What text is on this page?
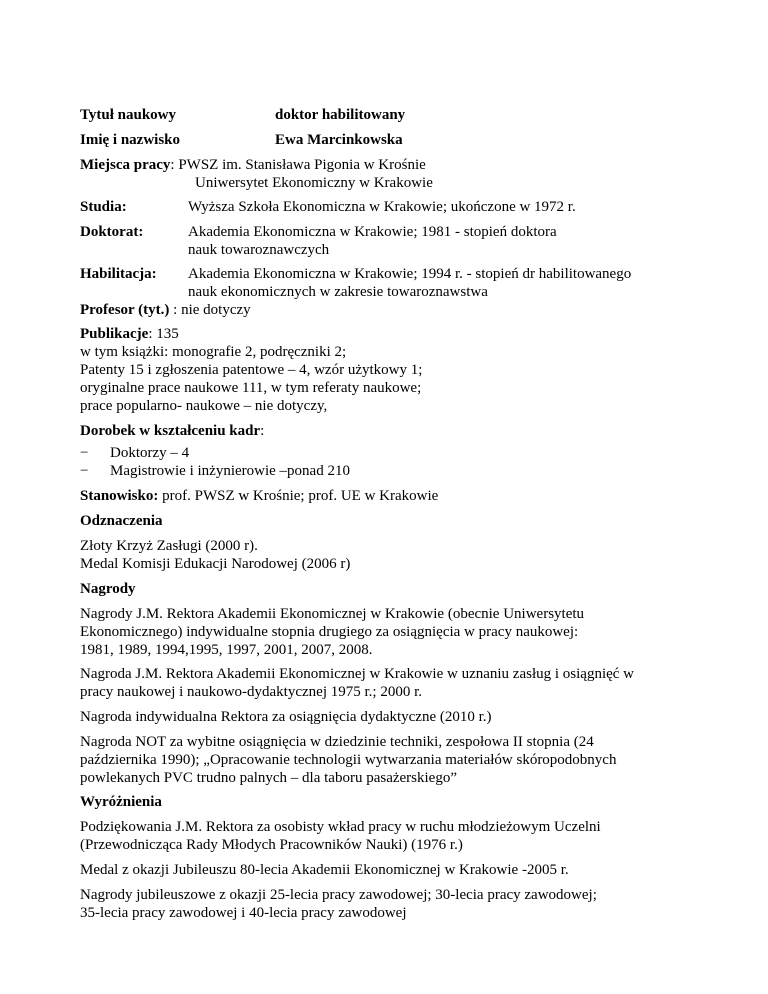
Tytuł naukowy	doktor habilitowany
Imię i nazwisko	Ewa Marcinkowska
Miejsca pracy: PWSZ im. Stanisława Pigonia w Krośnie
Uniwersytet Ekonomiczny w Krakowie
Studia:	Wyższa Szkoła Ekonomiczna w Krakowie; ukończone w 1972 r.
Doktorat:	Akademia Ekonomiczna w Krakowie; 1981 - stopień doktora
nauk towaroznawczych
Habilitacja: Akademia Ekonomiczna w Krakowie; 1994 r. - stopień dr habilitowanego
nauk ekonomicznych w zakresie towaroznawstwa
Profesor (tyt.) : nie dotyczy
Publikacje: 135
w tym książki: monografie 2, podręczniki 2;
Patenty 15 i zgłoszenia patentowe – 4, wzór użytkowy 1;
oryginalne prace naukowe 111, w tym referaty naukowe;
prace popularno- naukowe – nie dotyczy,
Dorobek w kształceniu kadr:
− Doktorzy – 4
− Magistrowie i inżynierowie –ponad 210
Stanowisko: prof. PWSZ w Krośnie; prof. UE w Krakowie
Odznaczenia
Złoty Krzyż Zasługi (2000 r).
Medal Komisji Edukacji Narodowej (2006 r)
Nagrody
Nagrody J.M. Rektora Akademii Ekonomicznej w Krakowie (obecnie Uniwersytetu
Ekonomicznego) indywidualne stopnia drugiego za osiągnięcia w pracy naukowej:
1981, 1989, 1994,1995, 1997, 2001, 2007, 2008.
Nagroda J.M. Rektora Akademii Ekonomicznej w Krakowie w uznaniu zasług i osiągnięć w
pracy naukowej i naukowo-dydaktycznej 1975 r.; 2000 r.
Nagroda indywidualna Rektora za osiągnięcia dydaktyczne (2010 r.)
Nagroda NOT za wybitne osiągnięcia w dziedzinie techniki, zespołowa II stopnia (24
października 1990); „Opracowanie technologii wytwarzania materiałów skóropodobnych
powlekanych PVC trudno palnych – dla taboru pasażerskiego”
Wyróżnienia
Podziękowania J.M. Rektora za osobisty wkład pracy w ruchu młodzieżowym Uczelni
(Przewodnicząca Rady Młodych Pracowników Nauki) (1976 r.)
Medal z okazji Jubileuszu 80-lecia Akademii Ekonomicznej w Krakowie -2005 r.
Nagrody jubileuszowe z okazji 25-lecia pracy zawodowej; 30-lecia pracy zawodowej;
35-lecia pracy zawodowej i 40-lecia pracy zawodowej
